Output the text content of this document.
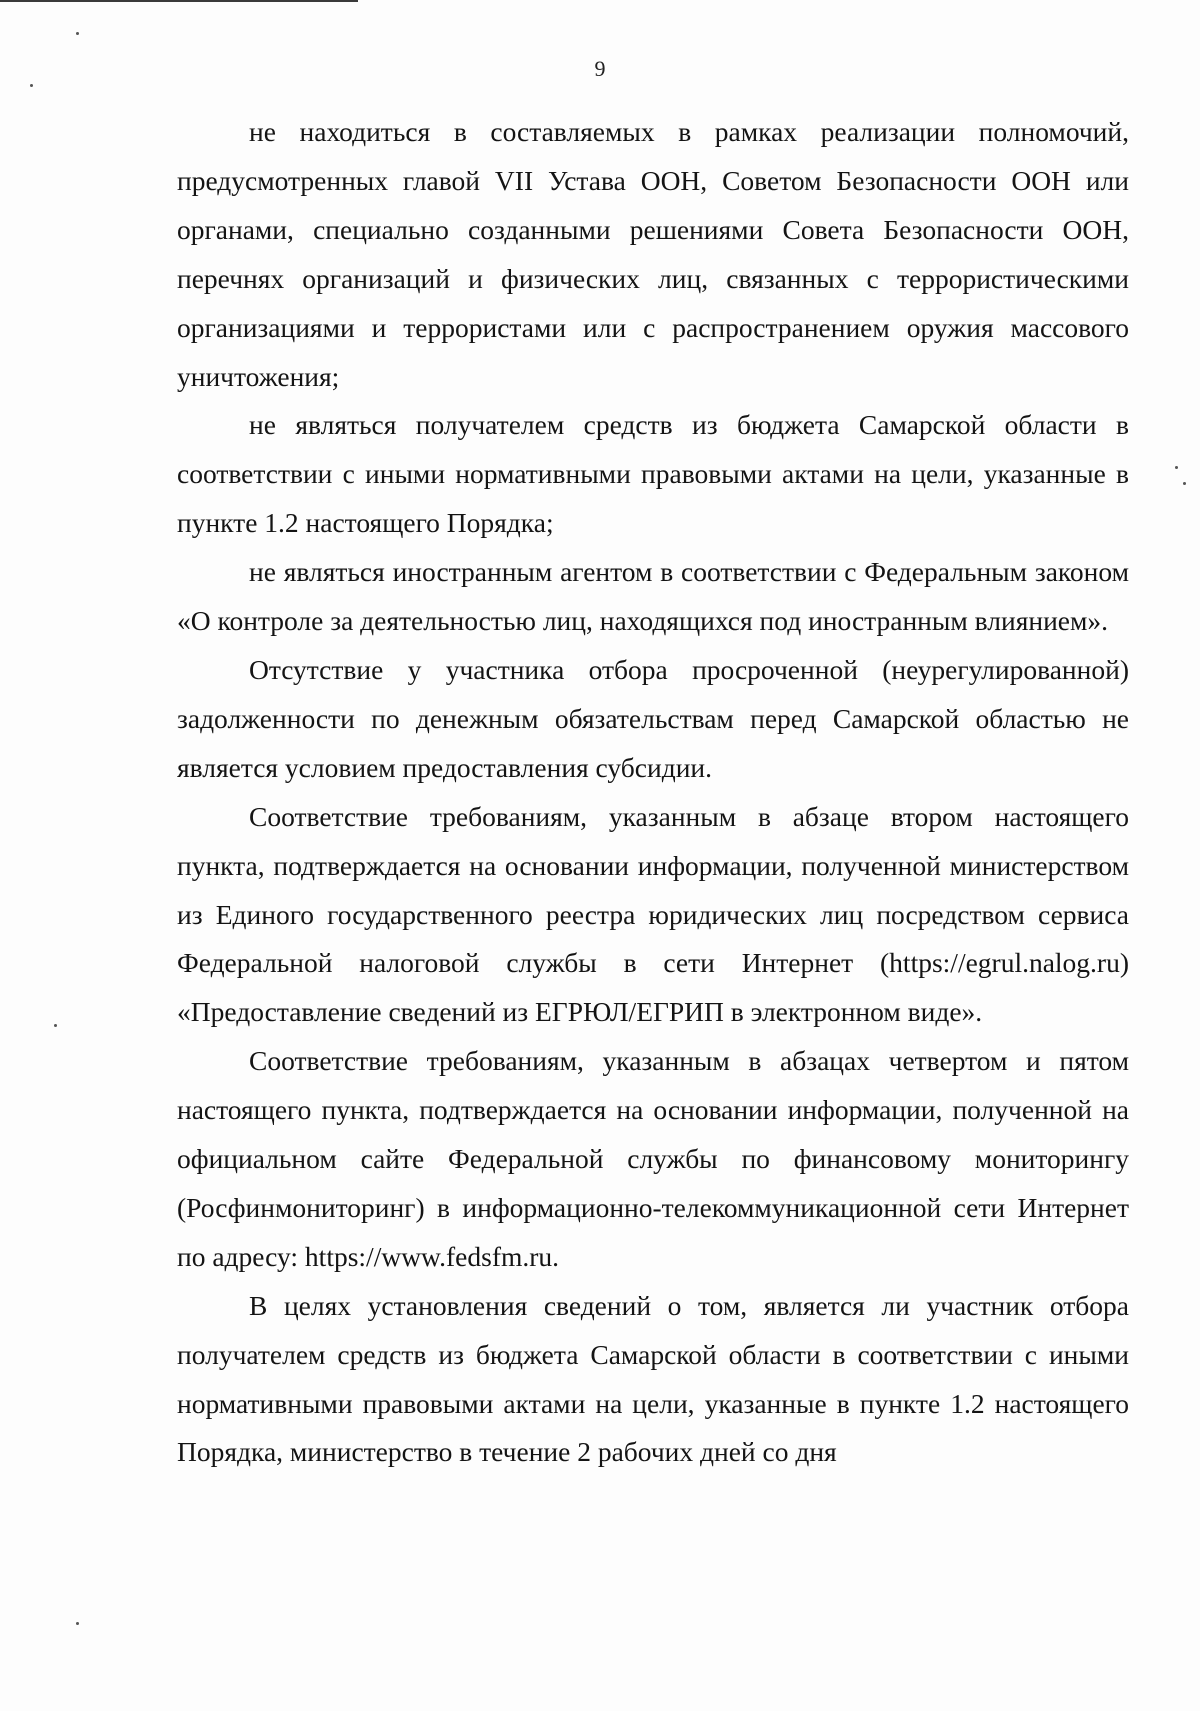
9

не находиться в составляемых в рамках реализации полномочий, предусмотренных главой VII Устава ООН, Советом Безопасности ООН или органами, специально созданными решениями Совета Безопасности ООН, перечнях организаций и физических лиц, связанных с террористическими организациями и террористами или с распространением оружия массового уничтожения;

не являться получателем средств из бюджета Самарской области в соответствии с иными нормативными правовыми актами на цели, указанные в пункте 1.2 настоящего Порядка;

не являться иностранным агентом в соответствии с Федеральным законом «О контроле за деятельностью лиц, находящихся под иностранным влиянием».

Отсутствие у участника отбора просроченной (неурегулированной) задолженности по денежным обязательствам перед Самарской областью не является условием предоставления субсидии.

Соответствие требованиям, указанным в абзаце втором настоящего пункта, подтверждается на основании информации, полученной министерством из Единого государственного реестра юридических лиц посредством сервиса Федеральной налоговой службы в сети Интернет (https://egrul.nalog.ru) «Предоставление сведений из ЕГРЮЛ/ЕГРИП в электронном виде».

Соответствие требованиям, указанным в абзацах четвертом и пятом настоящего пункта, подтверждается на основании информации, полученной на официальном сайте Федеральной службы по финансовому мониторингу (Росфинмониторинг) в информационно-телекоммуникационной сети Интернет по адресу: https://www.fedsfm.ru.

В целях установления сведений о том, является ли участник отбора получателем средств из бюджета Самарской области в соответствии с иными нормативными правовыми актами на цели, указанные в пункте 1.2 настоящего Порядка, министерство в течение 2 рабочих дней со дня
